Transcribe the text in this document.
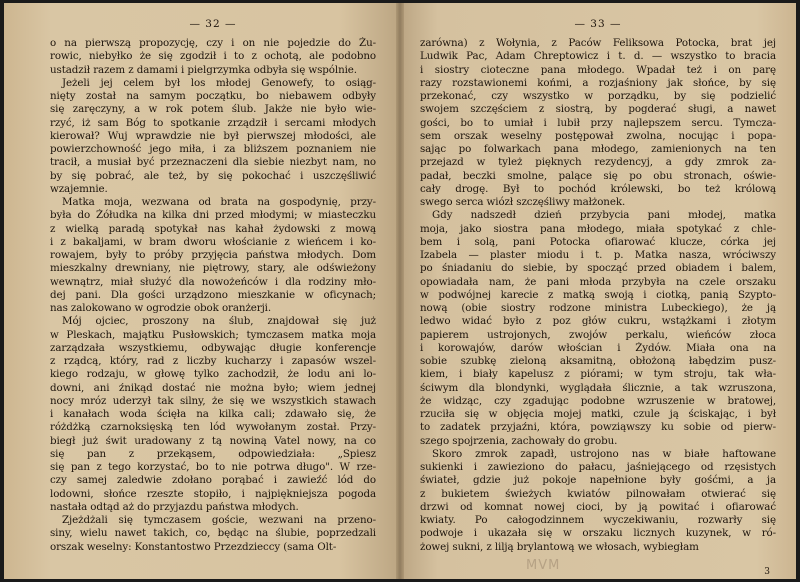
— 32 —
o na pierwszą propozycję, czy i on nie pojedzie do Żu-
rowic, niebyłko że się zgodził i to z ochotą, ale podobno
ustadził razem z damami i pielgrzymka odbyła się wspólnie.
Jeżeli jej celem był los młodej Genowefy, to osiąg-
nięty został na samym początku, bo niebawem odbyły
się zaręczyny, a w rok potem ślub. Jakże nie było wie-
rzyć, iż sam Bóg to spotkanie zrządził i sercami młodych
kierował? Wuj wprawdzie nie był pierwszej młodości, ale
powierzchowność jego miła, i za bliższem poznaniem nie
tracił, a musiał być przeznaczeni dla siebie niezbyt nam, no
by się pobrać, ale też, by się pokochać i uszczęśliwić
wzajemnie.
Matka moja, wezwana od brata na gospodynię, przy-
była do Żółudka na kilka dni przed młodymi; w miasteczku
z wielką paradą spotykał nas kahał żydowski z mową
i z bakaljami, w bram dworu włościanie z wieńcem i ko-
rowajem, były to próby przyjęcia państwa młodych. Dom
mieszkalny drewniany, nie piętrowy, stary, ale odświeżony
wewnątrz, miał służyć dla nowożeńców i dla rodziny mło-
dej pani. Dla gości urządzono mieszkanie w oficynach;
nas zalokowano w ogrodzie obok oranżerji.
Mój ojciec, proszony na ślub, znajdował się już
w Pleskach, majątku Pusłowskich; tymczasem matka moja
zarządzała wszystkiemu, odbywając długie konferencje
z rządcą, który, rad z liczby kucharzy i zapasów wszel-
kiego rodzaju, w głowę tylko zachodził, że lodu ani lo-
downi, ani źnikąd dostać nie można było; wiem jednej
nocy mróz uderzył tak silny, że się we wszystkich stawach
i kanałach woda ścięła na kilka cali; zdawało się, że
różdżką czarnoksięską ten lód wywołanym został. Przy-
biegł już świt uradowany z tą nowiną Vatel nowy, na co
się pan z przekąsem, odpowiedziała: „Spiesz
się pan z tego korzystać, bo to nie potrwa długo". W rze-
czy samej zaledwie zdołano porąbać i zawieźć lód do
lodowni, słońce rzeszte stopiło, i najpiękniejsza pogoda
nastała odtąd aż do przyjazdu państwa młodych.
Zjeżdżali się tymczasem goście, wezwani na przeno-
siny, wielu nawet takich, co, będąc na ślubie, poprzedzali
orszak weselny: Konstantostwo Przezdzieccy (sama Olt-
— 33 —
zarówna) z Wołynia, z Paców Feliksowa Potocka, brat jej
Ludwik Pac, Adam Chreptowicz i t. d. — wszystko to bracia
i siostry cioteczne pana młodego. Wpadał też i on parę
razy rozstawionemi końmi, a rozjaśniony jak słońce, by się
przekonać, czy wszystko w porządku, by się podzielić
swojem szczęściem z siostrą, by pogderać sługi, a nawet
gości, bo to umiał i lubił przy najlepszem sercu. Tymcza-
sem orszak weselny postępował zwolna, nocując i popa-
sając po folwarkach pana młodego, zamienionych na ten
przejazd w tyleż pięknych rezydencyj, a gdy zmrok za-
padał, beczki smolne, palące się po obu stronach, oświe-
cały drogę. Był to pochód królewski, bo też królową
swego serca wiózł szczęśliwy małżonek.
Gdy nadszedł dzień przybycia pani młodej, matka
moja, jako siostra pana młodego, miała spotykać z chle-
bem i solą, pani Potocka ofiarować klucze, córka jej
Izabela — plaster miodu i t. p. Matka nasza, wróciwszy
po śniadaniu do siebie, by spocząć przed obiadem i balem,
opowiadała nam, że pani młoda przybyła na czele orszaku
w podwójnej karecie z matką swoją i ciotką, panią Szypto-
nową (obie siostry rodzone ministra Lubeckiego), że ją
ledwo widać było z poz głów cukru, wstążkami i złotym
papierem ustrojonych, zwojów perkalu, wieńców złoca
i korowajów, darów włościan i Żydów. Miała ona na
sobie szubkę zieloną aksamitną, obłożoną łabędzim pusz-
kiem, i biały kapelusz z piórami; w tym stroju, tak wła-
ściwym dla blondynki, wyglądała ślicznie, a tak wzruszona,
że widząc, czy zgadując podobne wzruszenie w bratowej,
rzuciła się w objęcia mojej matki, czule ją ściskając, i był
to zadatek przyjaźni, która, powziąwszy ku sobie od pierw-
szego spojrzenia, zachowały do grobu.
Skoro zmrok zapadł, ustrojono nas w białe haftowane
sukienki i zawieziono do pałacu, jaśniejącego od rzęsistych
świateł, gdzie już pokoje napełnione były gośćmi, a ja
z bukietem świeżych kwiatów pilnowałam otwierać się
drzwi od komnat nowej cioci, by ją powitać i ofiarować
kwiaty. Po całogodzinnem wyczekiwaniu, rozwarły się
podwoje i ukazała się w orszaku licznych kuzynek, w ró-
żowej sukni, z lilją brylantową we włosach, wybiegłam
3
MVM
